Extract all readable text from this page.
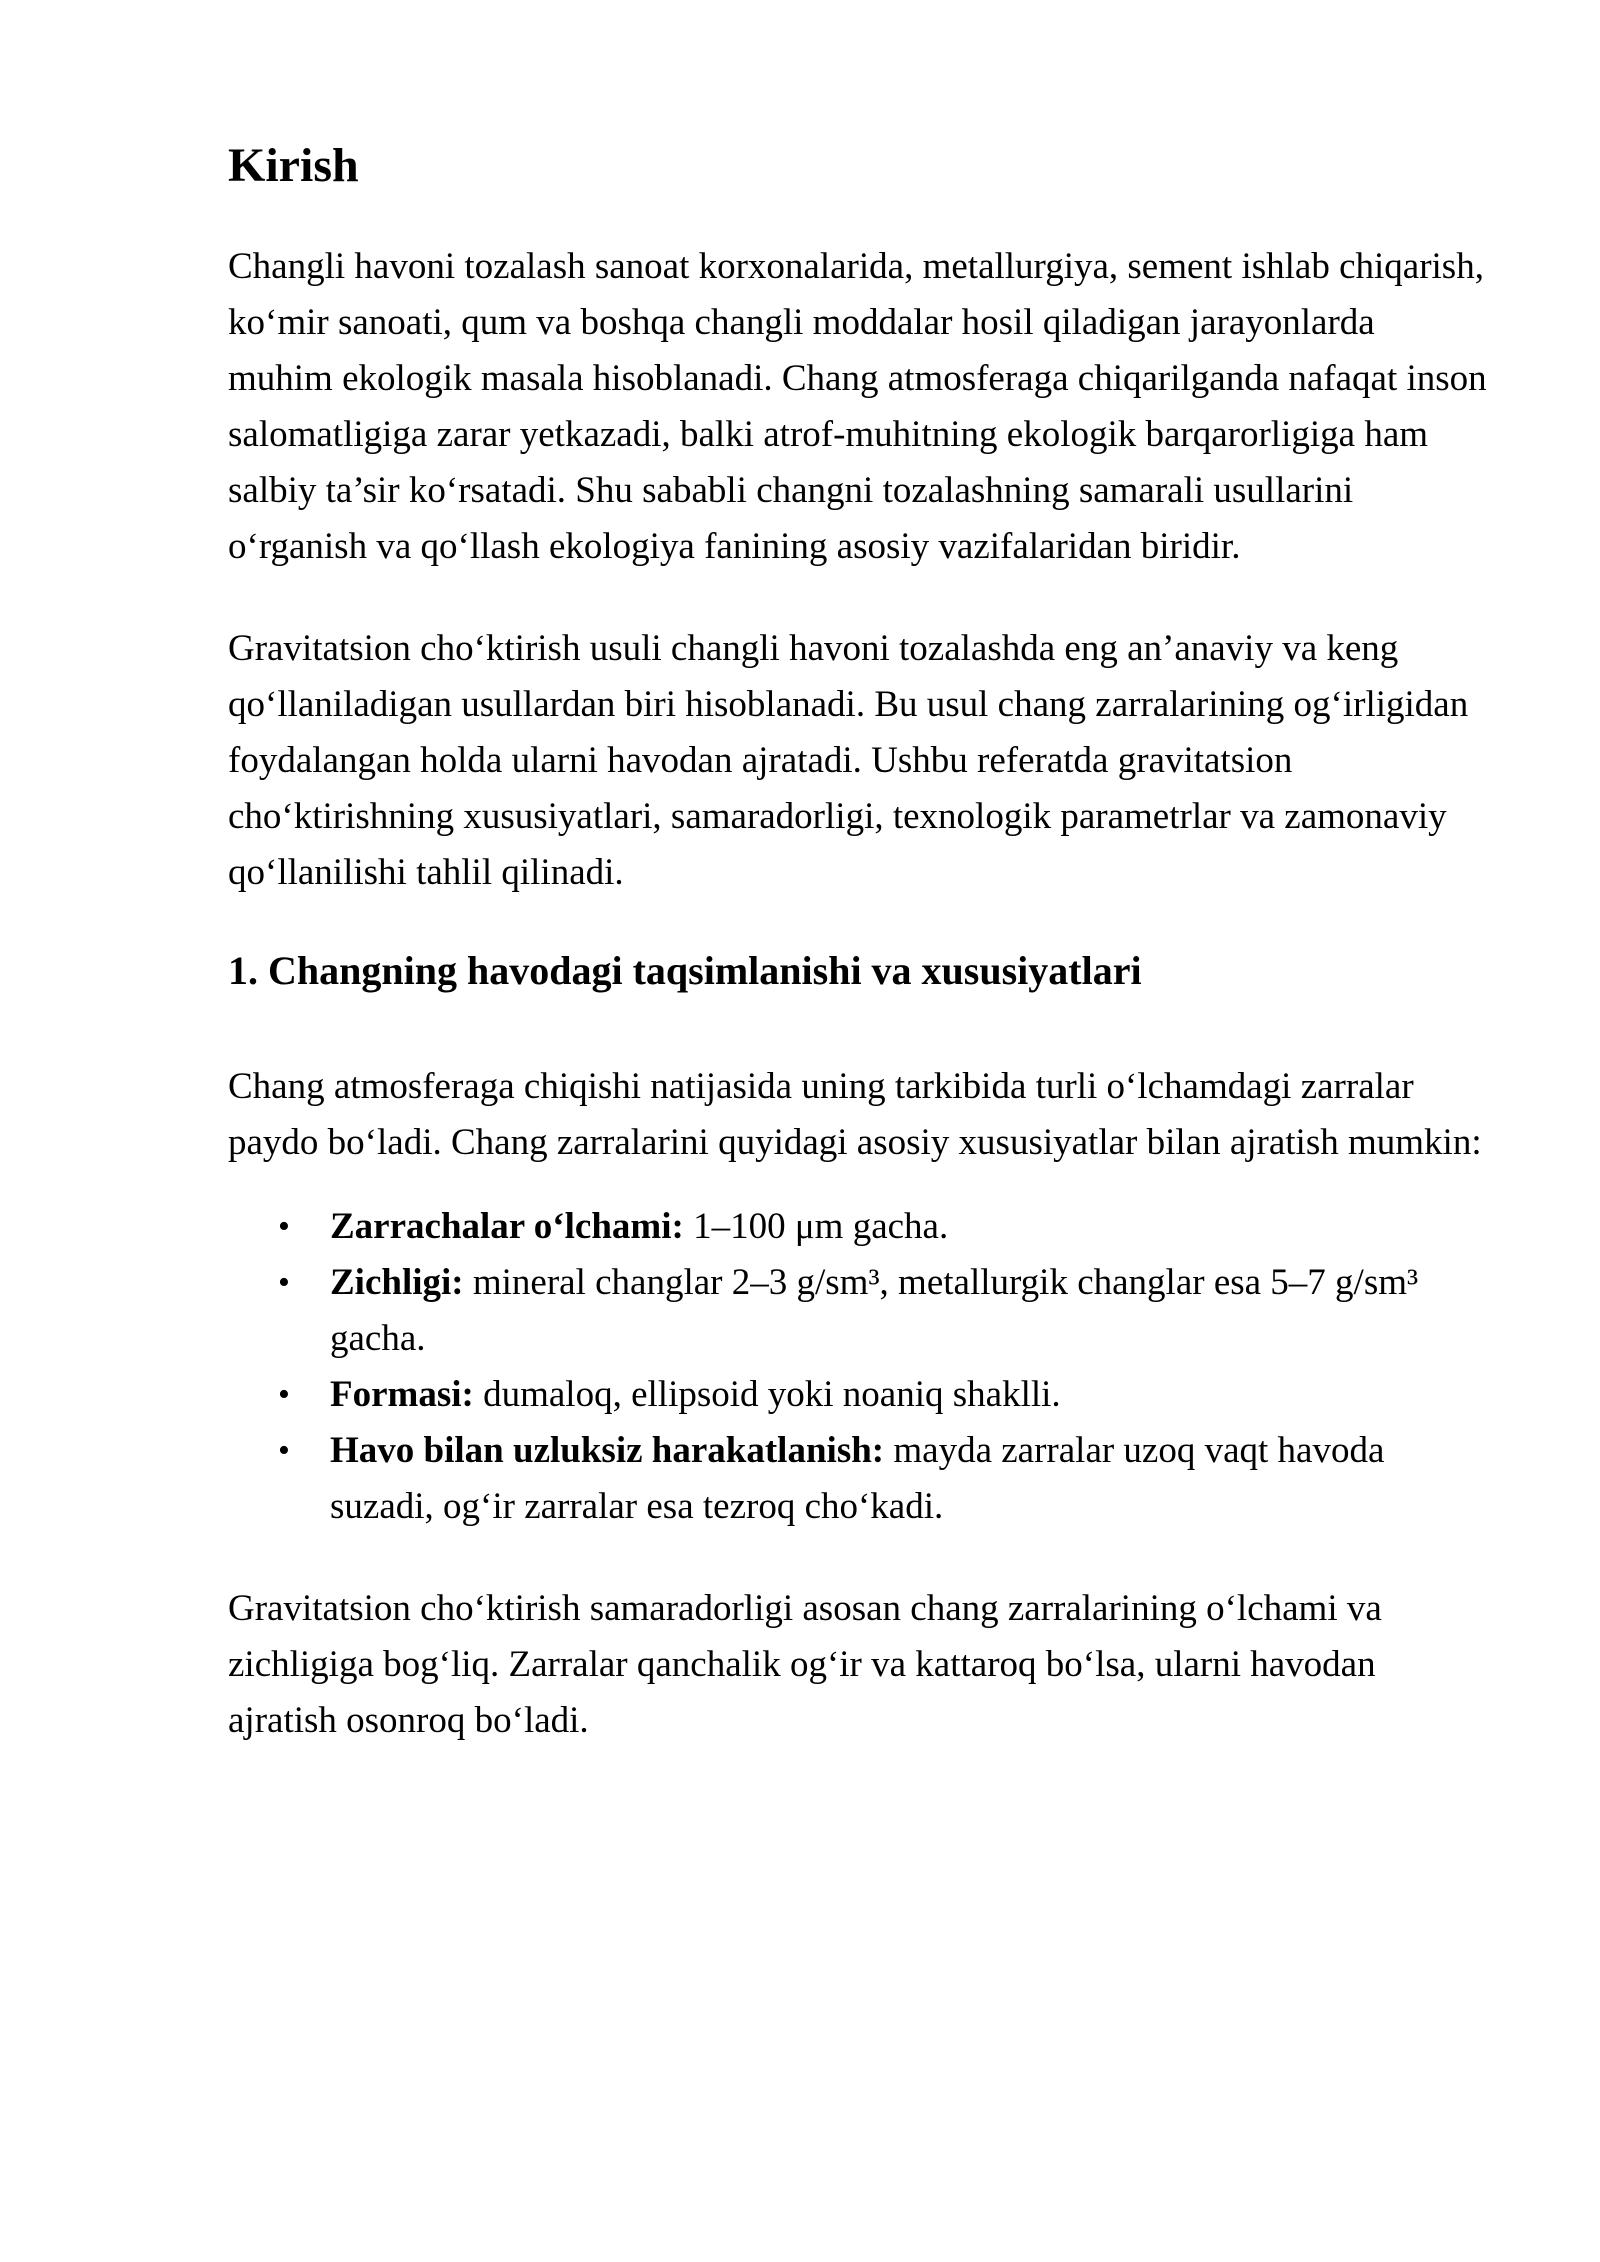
Kirish

Changli havoni tozalash sanoat korxonalarida, metallurgiya, sement ishlab chiqarish, koʻmir sanoati, qum va boshqa changli moddalar hosil qiladigan jarayonlarda muhim ekologik masala hisoblanadi. Chang atmosferaga chiqarilganda nafaqat inson salomatligiga zarar yetkazadi, balki atrof-muhitning ekologik barqarorligiga ham salbiy ta’sir koʻrsatadi. Shu sababli changni tozalashning samarali usullarini oʻrganish va qoʻllash ekologiya fanining asosiy vazifalaridan biridir.

Gravitatsion choʻktirish usuli changli havoni tozalashda eng an’anaviy va keng qoʻllaniladigan usullardan biri hisoblanadi. Bu usul chang zarralarining ogʻirligidan foydalangan holda ularni havodan ajratadi. Ushbu referatda gravitatsion choʻktirishning xususiyatlari, samaradorligi, texnologik parametrlar va zamonaviy qoʻllanilishi tahlil qilinadi.

1. Changning havodagi taqsimlanishi va xususiyatlari

Chang atmosferaga chiqishi natijasida uning tarkibida turli oʻlchamdagi zarralar paydo boʻladi. Chang zarralarini quyidagi asosiy xususiyatlar bilan ajratish mumkin:

• Zarrachalar oʻlchami: 1–100 μm gacha.
• Zichligi: mineral changlar 2–3 g/sm³, metallurgik changlar esa 5–7 g/sm³ gacha.
• Formasi: dumaloq, ellipsoid yoki noaniq shaklli.
• Havo bilan uzluksiz harakatlanish: mayda zarralar uzoq vaqt havoda suzadi, ogʻir zarralar esa tezroq choʻkadi.

Gravitatsion choʻktirish samaradorligi asosan chang zarralarining oʻlchami va zichligiga bogʻliq. Zarralar qanchalik ogʻir va kattaroq boʻlsa, ularni havodan ajratish osonroq boʻladi.
